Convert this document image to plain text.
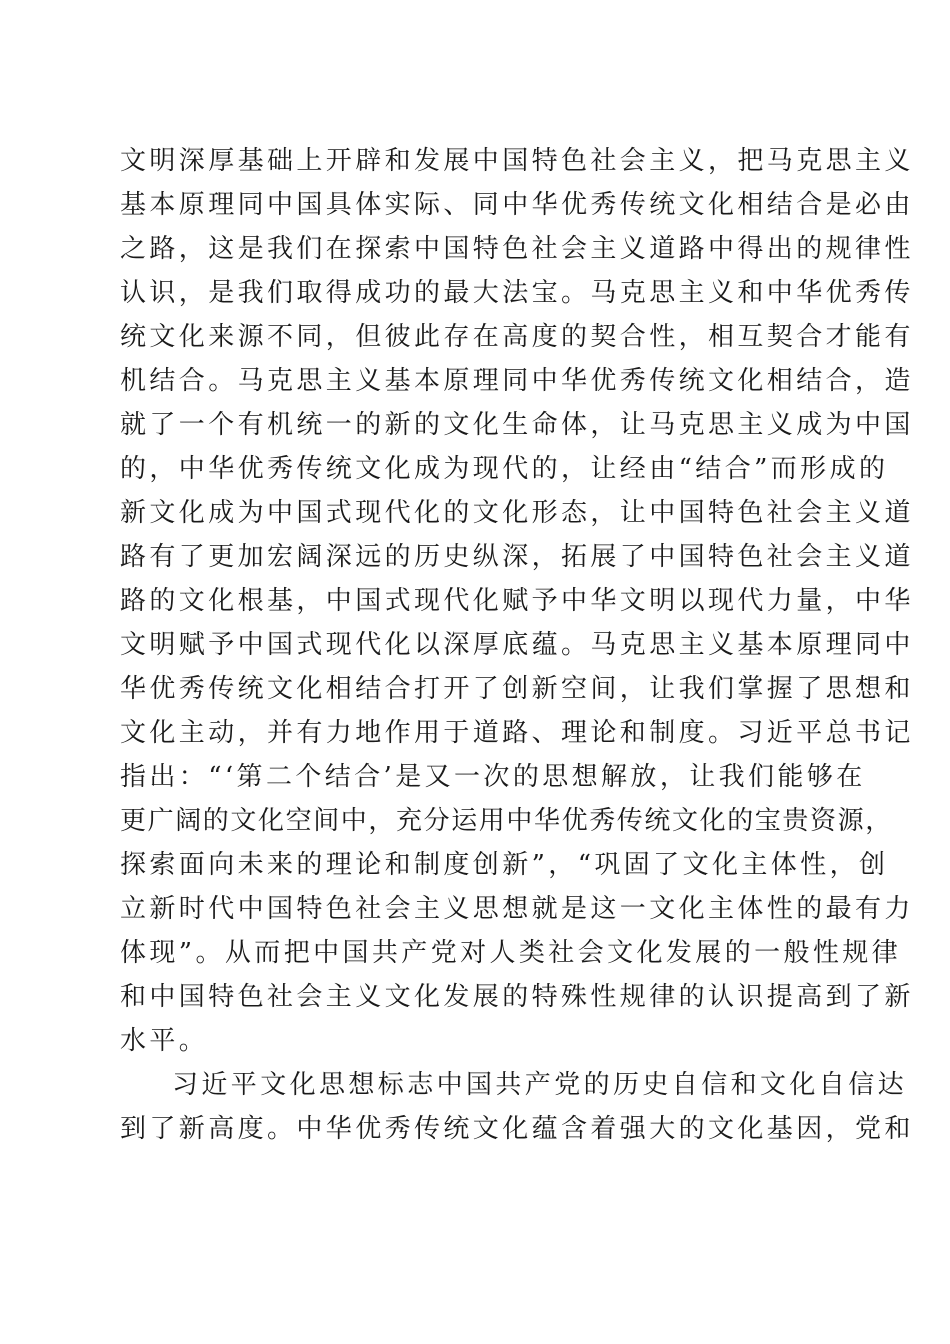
文明深厚基础上开辟和发展中国特色社会主义，把马克思主义
基本原理同中国具体实际、同中华优秀传统文化相结合是必由
之路，这是我们在探索中国特色社会主义道路中得出的规律性
认识，是我们取得成功的最大法宝。马克思主义和中华优秀传
统文化来源不同，但彼此存在高度的契合性，相互契合才能有
机结合。马克思主义基本原理同中华优秀传统文化相结合，造
就了一个有机统一的新的文化生命体，让马克思主义成为中国
的，中华优秀传统文化成为现代的，让经由“结合”而形成的
新文化成为中国式现代化的文化形态，让中国特色社会主义道
路有了更加宏阔深远的历史纵深，拓展了中国特色社会主义道
路的文化根基，中国式现代化赋予中华文明以现代力量，中华
文明赋予中国式现代化以深厚底蕴。马克思主义基本原理同中
华优秀传统文化相结合打开了创新空间，让我们掌握了思想和
文化主动，并有力地作用于道路、理论和制度。习近平总书记
指出：“‘第二个结合’是又一次的思想解放，让我们能够在
更广阔的文化空间中，充分运用中华优秀传统文化的宝贵资源，
探索面向未来的理论和制度创新”，“巩固了文化主体性，创
立新时代中国特色社会主义思想就是这一文化主体性的最有力
体现”。从而把中国共产党对人类社会文化发展的一般性规律
和中国特色社会主义文化发展的特殊性规律的认识提高到了新
水平。
习近平文化思想标志中国共产党的历史自信和文化自信达
到了新高度。中华优秀传统文化蕴含着强大的文化基因，党和
